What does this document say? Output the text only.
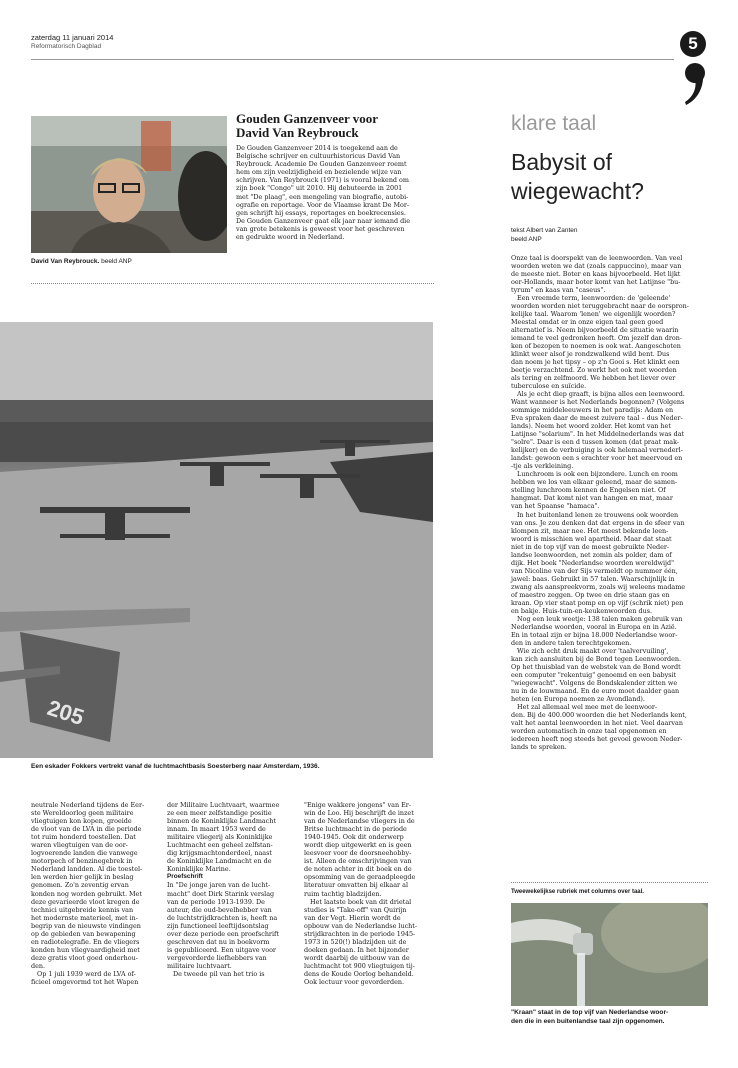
zaterdag 11 januari 2014
Reformatorisch Dagblad	5
David Van Reybrouck. beeld ANP
Gouden Ganzenveer voor
David Van Reybrouck
De Gouden Ganzenveer 2014 is toegekend aan de
Belgische schrijver en cultuurhistoricus David Van
Reybrouck. Academie De Gouden Ganzenveer roemt
hem om zijn veelzijdigheid en bezielende wijze van
schrijven. Van Reybrouck (1971) is vooral bekend om
zijn boek "Congo" uit 2010. Hij debuteerde in 2001
met "De plaag", een mengeling van biografie, autobi-
ografie en reportage. Voor de Vlaamse krant De Mor-
gen schrijft hij essays, reportages en boekrecensies.
De Gouden Ganzenveer gaat elk jaar naar iemand die
van grote betekenis is geweest voor het geschreven
en gedrukte woord in Nederland.
205
Een eskader Fokkers vertrekt vanaf de luchtmachtbasis Soesterberg naar Amsterdam, 1936.

neutrale Nederland tijdens de Eer-

ste Wereldoorlog geen militaire

vliegtuigen kon kopen, groeide

de vloot van de LVA in die periode

tot ruim honderd toestellen. Dat

waren vliegtuigen van de oor-

logvoerende landen die vanwege

motorpech of benzinegebrek in

Nederland landden. Al die toestel-

len werden hier gelijk in beslag

genomen. Zo'n zeventig ervan

konden nog worden gebruikt. Met

deze gevarieerde vloot kregen de

technici uitgebreide kennis van

het modernste materieel, met in-

begrip van de nieuwste vindingen

op de gebieden van bewapening

en radiotelegrafie. En de vliegers

konden hun vliegvaardigheid met

deze gratis vloot goed onderhou-

den.

Op 1 juli 1939 werd de LVA of-

ficieel omgevormd tot het Wapen

der Militaire Luchtvaart, waarmee

ze een meer zelfstandige positie

binnen de Koninklijke Landmacht

innam. In maart 1953 werd de

militaire vliegerij als Koninklijke

Luchtmacht een geheel zelfstan-

dig krijgsmachtonderdeel, naast

de Koninklijke Landmacht en de

Koninklijke Marine.

Proefschrift

In "De jonge jaren van de lucht-

macht" doet Dirk Starink verslag

van de periode 1913-1939. De

auteur, die oud-bevelhebber van

de luchtstrijdkrachten is, heeft na

zijn functioneel leeftijdsontslag

over deze periode een proefschrift

geschreven dat nu in boekvorm

is gepubliceerd. Een uitgave voor

vergevorderde liefhebbers van

militaire luchtvaart.

De tweede pil van het trio is

"Enige wakkere jongens" van Er-

win de Loo. Hij beschrijft de inzet

van de Nederlandse vliegers in de

Britse luchtmacht in de periode

1940-1945. Ook dit onderwerp

wordt diep uitgewerkt en is geen

leesvoer voor de doorsneehobby-

ist. Alleen de omschrijvingen van

de noten achter in dit boek en de

opsomming van de geraadpleegde

literatuur omvatten bij elkaar al

ruim tachtig bladzijden.

Het laatste boek van dit drietal

studies is "Take-off" van Quirijn

van der Vegt. Hierin wordt de

opbouw van de Nederlandse lucht-

strijdkrachten in de periode 1945-

1973 in 520(!) bladzijden uit de

doeken gedaan. In het bijzonder

wordt daarbij de uitbouw van de

luchtmacht tot 900 vliegtuigen tij-

dens de Koude Oorlog behandeld.

Ook lectuur voor gevorderden.

klare taal
Babysit of
wiegewacht?
tekst Albert van Zanten
beeld ANP

Onze taal is doorspekt van de leenwoorden. Van veel

woorden weten we dat (zoals cappuccino), maar van

de meeste niet. Boter en kaas bijvoorbeeld. Het lijkt

oer-Hollands, maar boter komt van het Latijnse "bu-

tyrum" en kaas van "caseus".

Een vreemde term, leenwoorden: de 'geleende'

woorden worden niet teruggebracht naar de oorspron-

kelijke taal. Waarom 'lenen' we eigenlijk woorden?

Meestal omdat er in onze eigen taal geen goed

alternatief is. Neem bijvoorbeeld de situatie waarin

iemand te veel gedronken heeft. Om jezelf dan dron-

ken of bezopen te noemen is ook wat. Aangeschoten

klinkt weer alsof je rondzwalkend wild bent. Dus

dan noem je het tipsy – op z'n Gooi s. Het klinkt een

beetje verzachtend. Zo werkt het ook met woorden

als tering en zelfmoord. We hebben het liever over

tuberculose en suïcide.

Als je echt diep graaft, is bijna alles een leenwoord.

Want wanneer is het Nederlands begonnen? (Volgens

sommige middeleeuwers in het paradijs: Adam en

Eva spraken daar de meest zuivere taal – dus Neder-

lands). Neem het woord zolder. Het komt van het

Latijnse "solarium". In het Middelnederlands was dat

"solre". Daar is een d tussen komen (dat praat mak-

kelijker) en de verbuiging is ook helemaal vernederl-

landst: gewoon een s erachter voor het meervoud en

-tje als verkleining.

Lunchroom is ook een bijzondere. Lunch en room

hebben we los van elkaar geleend, maar de samen-

stelling lunchroom kennen de Engelsen niet. Of

hangmat. Dat komt niet van hangen en mat, maar

van het Spaanse "hamaca".

In het buitenland lenen ze trouwens ook woorden

van ons. Je zou denken dat dat ergens in de sfeer van

klompen zit, maar nee. Het meest bekende leen-

woord is misschien wel apartheid. Maar dat staat

niet in de top vijf van de meest gebruikte Neder-

landse leenwoorden, net zomin als polder, dam of

dijk. Het boek "Nederlandse woorden wereldwijd"

van Nicoline van der Sijs vermeldt op nummer één,

jawel: baas. Gebruikt in 57 talen. Waarschijnlijk in

zwang als aanspreekvorm, zoals wij weleens madame

of maestro zeggen. Op twee en drie staan gas en

kraan. Op vier staat pomp en op vijf (schrik niet) pen

en bakje. Huis-tuin-en-keukenwoorden dus.

Nog een leuk weetje: 138 talen maken gebruik van

Nederlandse woorden, vooral in Europa en in Azië.

En in totaal zijn er bijna 18.000 Nederlandse woor-

den in andere talen terechtgekomen.

Wie zich echt druk maakt over 'taalvervuiling',

kan zich aansluiten bij de Bond tegen Leenwoorden.

Op het thuisblad van de webstek van de Bond wordt

een computer "rekentuig" genoemd en een babysit

"wiegewacht". Volgens de Bondskalender zitten we

nu in de louwmaand. En de euro moet daalder gaan

heten (en Europa noemen ze Avondland).

Het zal allemaal wel mee met de leenwoor-

den. Bij de 400.000 woorden die het Nederlands kent,

valt het aantal leenwoorden in het niet. Veel daarvan

worden automatisch in onze taal opgenomen en

iedereen heeft nog steeds het gevoel gewoon Neder-

lands te spreken.

Tweewekelijkse rubriek met columns over taal.
"Kraan" staat in de top vijf van Nederlandse woor-
den die in een buitenlandse taal zijn opgenomen.
